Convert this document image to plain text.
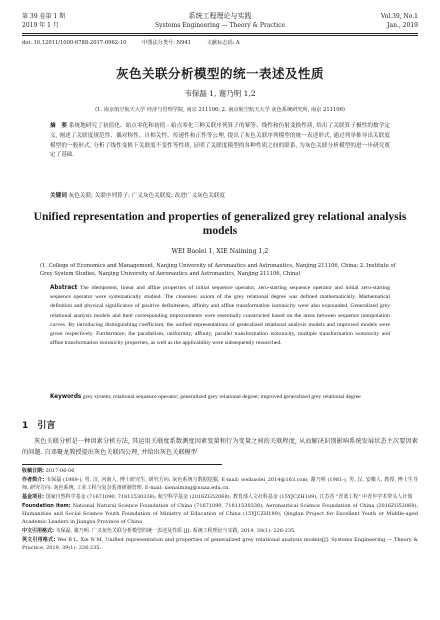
第 39 卷第 1 期
2019 年 1 月
系统工程理论与实践
Systems Engineering — Theory & Practice
Vol.39, No.1
Jan., 2019
doi: 10.12011/1000-6788-2017-0962-10	中图法分类号: N941	文献标志码: A
灰色关联分析模型的统一表述及性质
韦保磊 1, 谢乃明 1,2
(1. 南京航空航天大学 经济与管理学院, 南京 211106; 2. 南京航空航天大学 灰色系统研究所, 南京 211106)
摘　要 系统地研究了初值化、始点零化和初值 - 始点零化三种关联序列算子的幂等、线性和仿射变换性质, 给出了关联算子极性的数学定义, 阐述了关联度规范性、偶对称性、自相关性、传递性和正性等公理, 提出了灰色关联序列模型的统一表述形式, 通过列举推导出关联度模型的一般形式, 分析了线性变换下关联度不变性等性质, 证明了关联度模型的各种性质之间的联系, 为灰色关联分析模型的进一步研究奠定了基础.
关键词 灰色关联; 关联序列算子; 广义灰色关联度; 改进广义灰色关联度
Unified representation and properties of generalized grey relational analysis models
WEI Baolei 1, XIE Naiming 1,2
(1. College of Economics and Management, Nanjing University of Aeronautics and Astronautics, Nanjing 211106, China; 2. Institute of Grey System Studies, Nanjing University of Aeronautics and Astronautics, Nanjing 211106, China)
Abstract The idempotent, linear and affine properties of initial sequence operator, zero-starting sequence operator and initial zero-starting sequence operator were systematically studied. The closeness axiom of the grey relational degree was defined mathematically. Mathematical definition and physical significance of positive definiteness, affinity and affine transformation isotonicity were also expounded. Generalized grey relational analysis models and their corresponding improvements were essentially constructed based on the areas between sequence interpolation curves. By introducing distinguishing coefficient, the unified representations of generalized relational analysis models and improved models were given respectively. Furthermore, the parallelism, uniformity, affinity, parallel transformation isotonicity, multiple transformation isotonicity and affine transformation isotonicity properties, as well as the applicability were subsequently researched.
Keywords grey system; relational sequence operator; generalized grey relational degree; improved generalized grey relational degree
1 引言
灰色关联分析是一种因素分析方法, 其运用关联度系数测度因素变量和行为变量之间的关联程度, 从而解决识别影响系统发展状态主次要因素的问题. 自邓聚龙教授提出灰色关联四公理, 并给出灰色关联模型

收稿日期: 2017-06-06

作者简介: 韦保磊 (1989-), 男, 汉, 河南人, 博士研究生, 研究方向: 灰色系统与数据挖掘, E-mail: weibaolei_2014@163.com; 谢乃明 (1981-), 男, 汉, 安徽人, 教授, 博士生导师, 研究方向: 灰色系统, 工业工程与复杂装备研制管理, E-mail: xienaiming@nuaa.edu.cn.

基金项目: 国家自然科学基金 (71671090, 71811530338); 航空科学基金 (2016ZG52068); 教育部人文社科基金 (15YJCZH189); 江苏省 "青蓝工程" 中青年学术带头人计划

Foundation item: National Natural Science Foundation of China (71671090, 71811530338); Aeronautical Science Foundation of China (2016ZG52068); Humanities and Social Science Youth Foundation of Ministry of Education of China (15YJCZH189); Qinglan Project for Excellent Youth or Middle-aged Academic Leaders in Jiangsu Province of China

中文引用格式: 韦保磊, 谢乃明. 广义灰色关联分析模型的统一表述及性质 [J]. 系统工程理论与实践, 2019, 39(1): 226-235.

英文引用格式: Wei B L, Xie N M. Unified representation and properties of generalized grey relational analysis models[J]. Systems Engineering — Theory & Practice, 2019, 39(1): 226-235.
